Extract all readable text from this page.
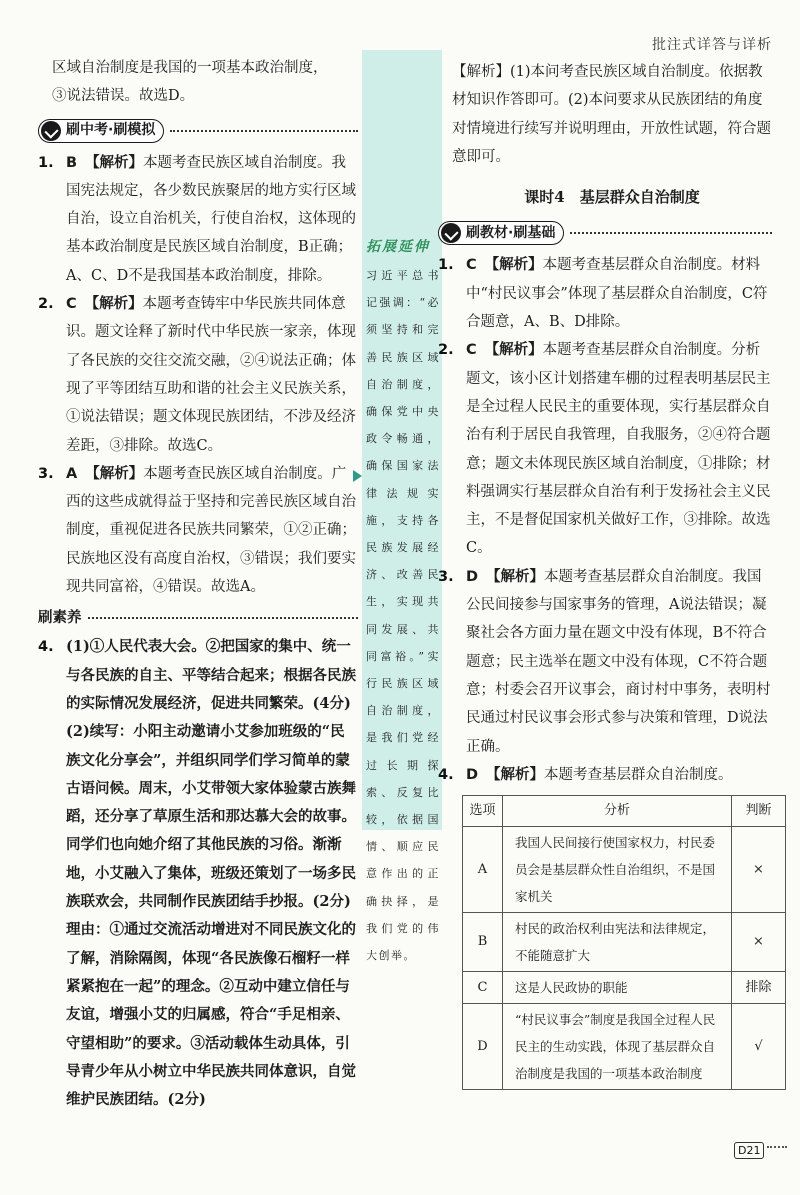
批注式详答与详析
拓展延伸
习近平总书记强调：“必须坚持和完善民族区域自治制度，确保党中央政令畅通，确保国家法律法规实施，支持各民族发展经济、改善民生，实现共同发展、共同富裕。”实行民族区域自治制度，是我们党经过长期探索、反复比较，依据国情、顺应民意作出的正确抉择，是我们党的伟大创举。

区域自治制度是我国的一项基本政治制度，

③说法错误。故选D。

刷中考·刷模拟
1. B 【解析】本题考查民族区域自治制度。我国宪法规定，各少数民族聚居的地方实行区域自治，设立自治机关，行使自治权，这体现的基本政治制度是民族区域自治制度，B正确；A、C、D不是我国基本政治制度，排除。
2. C 【解析】本题考查铸牢中华民族共同体意识。题文诠释了新时代中华民族一家亲，体现了各民族的交往交流交融，②④说法正确；体现了平等团结互助和谐的社会主义民族关系，①说法错误；题文体现民族团结，不涉及经济差距，③排除。故选C。
3. A 【解析】本题考查民族区域自治制度。广西的这些成就得益于坚持和完善民族区域自治制度，重视促进各民族共同繁荣，①②正确；民族地区没有高度自治权，③错误；我们要实现共同富裕，④错误。故选A。
刷素养
4. (1)①人民代表大会。②把国家的集中、统一与各民族的自主、平等结合起来；根据各民族的实际情况发展经济，促进共同繁荣。(4分)

(2)续写：小阳主动邀请小艾参加班级的“民族文化分享会”，并组织同学们学习简单的蒙古语问候。周末，小艾带领大家体验蒙古族舞蹈，还分享了草原生活和那达慕大会的故事。同学们也向她介绍了其他民族的习俗。渐渐地，小艾融入了集体，班级还策划了一场多民族联欢会，共同制作民族团结手抄报。(2分)

理由：①通过交流活动增进对不同民族文化的了解，消除隔阂，体现“各民族像石榴籽一样紧紧抱在一起”的理念。②互动中建立信任与友谊，增强小艾的归属感，符合“手足相亲、守望相助”的要求。③活动载体生动具体，引导青少年从小树立中华民族共同体意识，自觉维护民族团结。(2分)

【解析】(1)本问考查民族区域自治制度。依据教材知识作答即可。(2)本问要求从民族团结的角度对情境进行续写并说明理由，开放性试题，符合题意即可。

课时4　基层群众自治制度
刷教材·刷基础
1. C 【解析】本题考查基层群众自治制度。材料中“村民议事会”体现了基层群众自治制度，C符合题意，A、B、D排除。
2. C 【解析】本题考查基层群众自治制度。分析题文，该小区计划搭建车棚的过程表明基层民主是全过程人民民主的重要体现，实行基层群众自治有利于居民自我管理，自我服务，②④符合题意；题文未体现民族区域自治制度，①排除；材料强调实行基层群众自治有利于发扬社会主义民主，不是督促国家机关做好工作，③排除。故选C。
3. D 【解析】本题考查基层群众自治制度。我国公民间接参与国家事务的管理，A说法错误；凝聚社会各方面力量在题文中没有体现，B不符合题意；民主选举在题文中没有体现，C不符合题意；村委会召开议事会，商讨村中事务，表明村民通过村民议事会形式参与决策和管理，D说法正确。
4. D 【解析】本题考查基层群众自治制度。
选项	分析	判断
A	我国人民间接行使国家权力，村民委员会是基层群众性自治组织，不是国家机关	×
B	村民的政治权利由宪法和法律规定，不能随意扩大	×
C	这是人民政协的职能	排除
D	“村民议事会”制度是我国全过程人民民主的生动实践，体现了基层群众自治制度是我国的一项基本政治制度	√
D21
